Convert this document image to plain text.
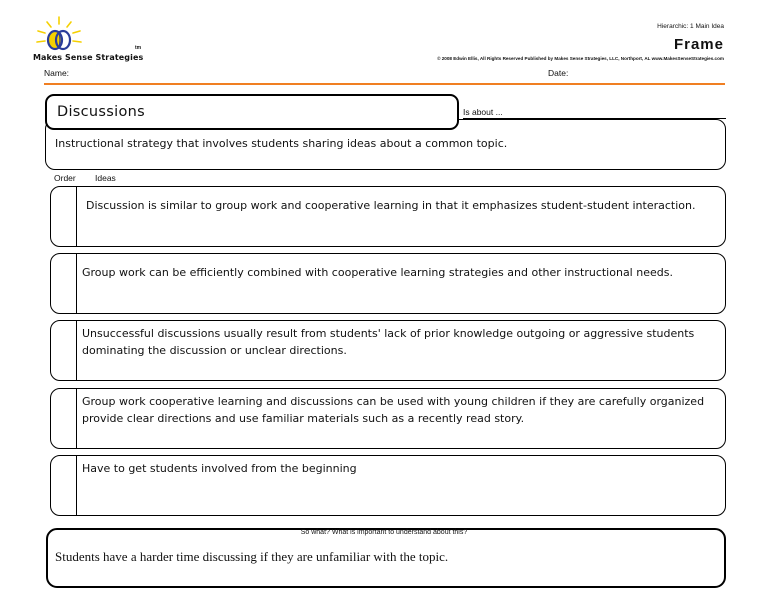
Makes Sense Strategies
tm
Hierarchic: 1 Main Idea
Frame
© 2008 Edwin Ellis, All Rights Reserved Published by Makes Sense Strategies, LLC, Northport, AL www.MakesSenseStrategies.com
Name:	Date:
Instructional strategy that involves students sharing ideas about a common topic.
Discussions	Is about ...
Order Ideas
Discussion is similar to group work and cooperative learning in that it emphasizes student-student interaction.
Group work can be efficiently combined with cooperative learning strategies and other instructional needs.
Unsuccessful discussions usually result from students' lack of prior knowledge outgoing or aggressive students dominating the discussion or unclear directions.
Group work cooperative learning and discussions can be used with young children if they are carefully organized provide clear directions and use familiar materials such as a recently read story.
Have to get students involved from the beginning
Students have a harder time discussing if they are unfamiliar with the topic.
So what? What is important to understand about this?
